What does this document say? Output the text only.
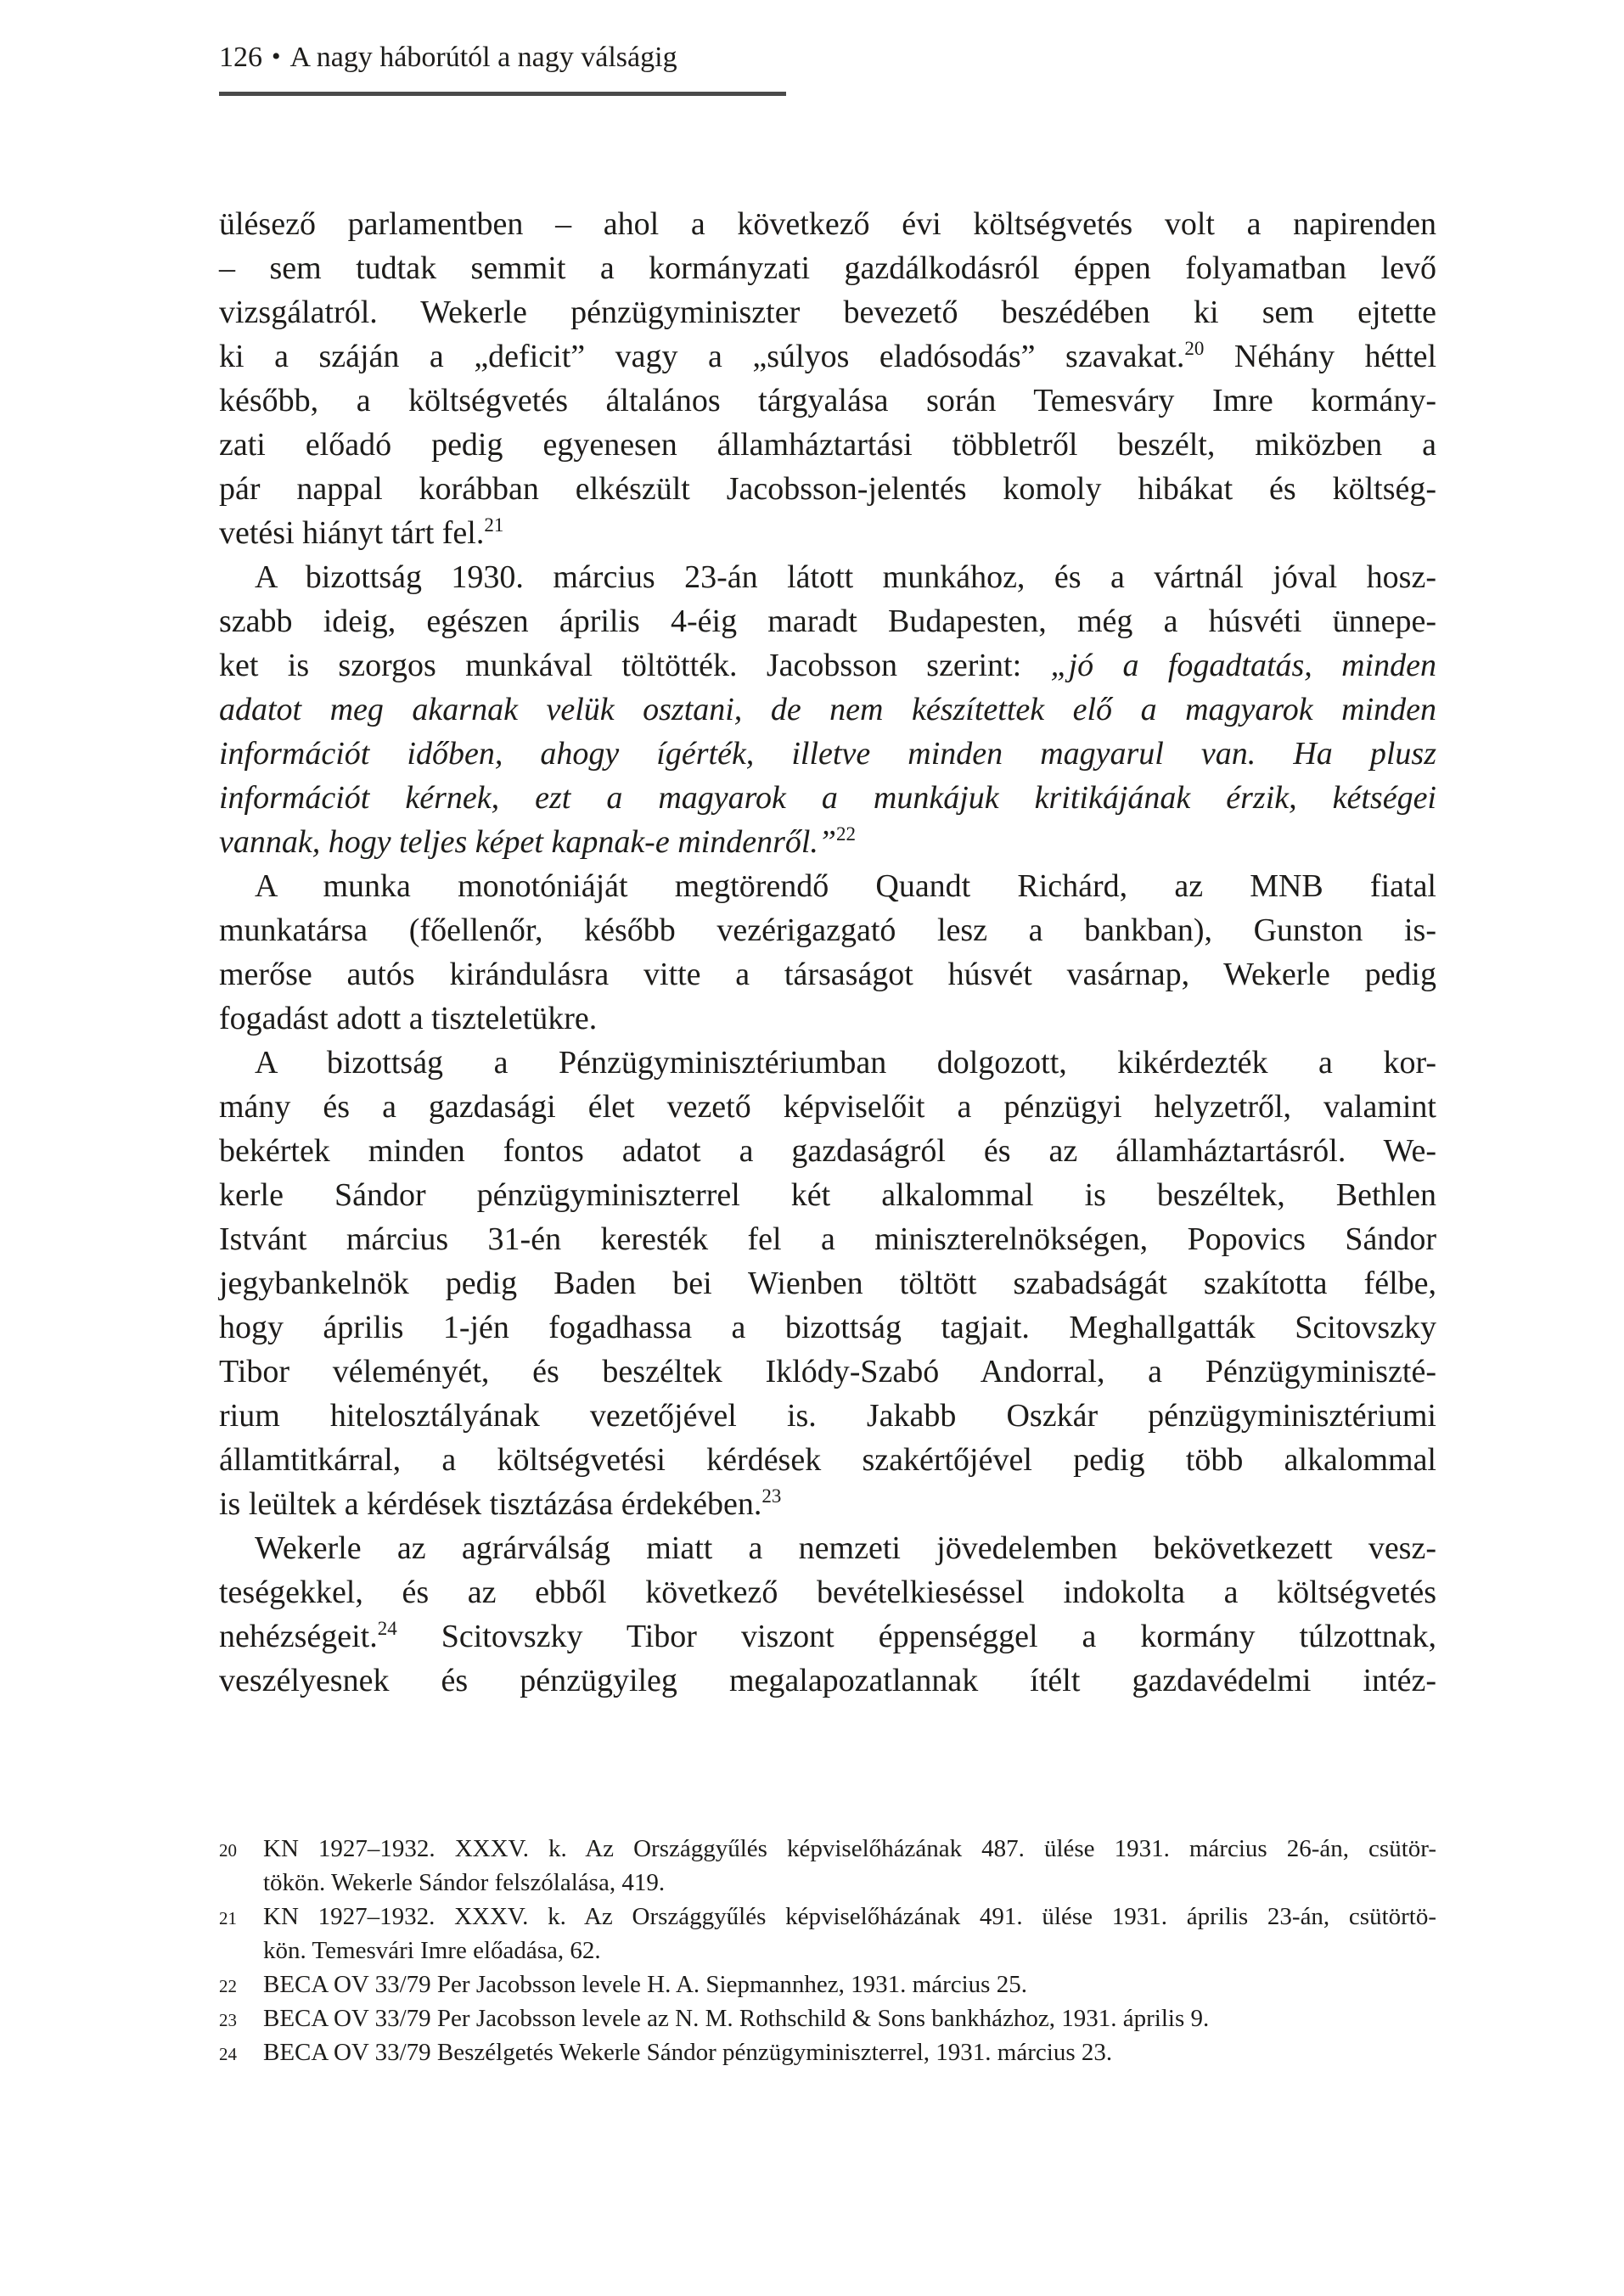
126 • A nagy háborútól a nagy válságig
ülésező parlamentben – ahol a következő évi költségvetés volt a napirenden
– sem tudtak semmit a kormányzati gazdálkodásról éppen folyamatban levő
vizsgálatról. Wekerle pénzügyminiszter bevezető beszédében ki sem ejtette
ki a száján a „deficit” vagy a „súlyos eladósodás” szavakat.$^{20}$ Néhány héttel
később, a költségvetés általános tárgyalása során Temesváry Imre kormány-
zati előadó pedig egyenesen államháztartási többletről beszélt, miközben a
pár nappal korábban elkészült Jacobsson-jelentés komoly hibákat és költség-
vetési hiányt tárt fel.$^{21}$
A bizottság 1930. március 23-án látott munkához, és a vártnál jóval hosz-
szabb ideig, egészen április 4-éig maradt Budapesten, még a húsvéti ünnepe-
ket is szorgos munkával töltötték. Jacobsson szerint: „jó a fogadtatás, minden
adatot meg akarnak velük osztani, de nem készítettek elő a magyarok minden
információt időben, ahogy ígérték, illetve minden magyarul van. Ha plusz
információt kérnek, ezt a magyarok a munkájuk kritikájának érzik, kétségei
vannak, hogy teljes képet kapnak-e mindenről.”$^{22}$
A munka monotóniáját megtörendő Quandt Richárd, az MNB fiatal
munkatársa (főellenőr, később vezérigazgató lesz a bankban), Gunston is-
merőse autós kirándulásra vitte a társaságot húsvét vasárnap, Wekerle pedig
fogadást adott a tiszteletükre.
A bizottság a Pénzügyminisztériumban dolgozott, kikérdezték a kor-
mány és a gazdasági élet vezető képviselőit a pénzügyi helyzetről, valamint
bekértek minden fontos adatot a gazdaságról és az államháztartásról. We-
kerle Sándor pénzügyminiszterrel két alkalommal is beszéltek, Bethlen
Istvánt március 31-én keresték fel a miniszterelnökségen, Popovics Sándor
jegybankelnök pedig Baden bei Wienben töltött szabadságát szakította félbe,
hogy április 1-jén fogadhassa a bizottság tagjait. Meghallgatták Scitovszky
Tibor véleményét, és beszéltek Iklódy-Szabó Andorral, a Pénzügyminiszté-
rium hitelosztályának vezetőjével is. Jakabb Oszkár pénzügyminisztériumi
államtitkárral, a költségvetési kérdések szakértőjével pedig több alkalommal
is leültek a kérdések tisztázása érdekében.$^{23}$
Wekerle az agrárválság miatt a nemzeti jövedelemben bekövetkezett vesz-
teségekkel, és az ebből következő bevételkieséssel indokolta a költségvetés
nehézségeit.$^{24}$ Scitovszky Tibor viszont éppenséggel a kormány túlzottnak,
veszélyesnek és pénzügyileg megalapozatlannak ítélt gazdavédelmi intéz-
20 KN 1927–1932. XXXV. k. Az Országgyűlés képviselőházának 487. ülése 1931. március 26-án, csütör-
tökön. Wekerle Sándor felszólalása, 419.
21 KN 1927–1932. XXXV. k. Az Országgyűlés képviselőházának 491. ülése 1931. április 23-án, csütörtö-
kön. Temesvári Imre előadása, 62.
22 BECA OV 33/79 Per Jacobsson levele H. A. Siepmannhez, 1931. március 25.
23 BECA OV 33/79 Per Jacobsson levele az N. M. Rothschild & Sons bankházhoz, 1931. április 9.
24 BECA OV 33/79 Beszélgetés Wekerle Sándor pénzügyminiszterrel, 1931. március 23.
